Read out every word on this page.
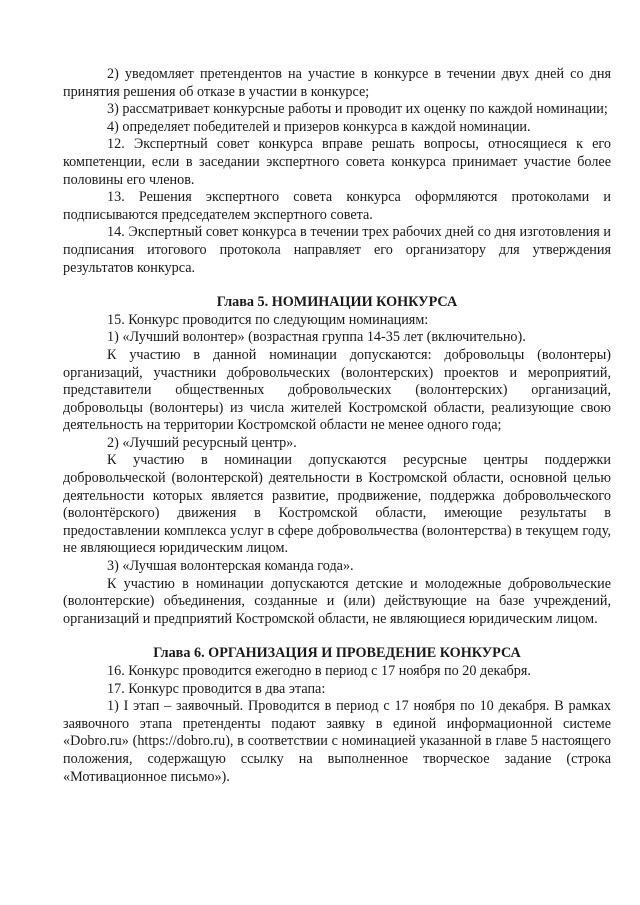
2) уведомляет претендентов на участие в конкурсе в течении двух дней со дня принятия решения об отказе в участии в конкурсе;

3) рассматривает конкурсные работы и проводит их оценку по каждой номинации;

4) определяет победителей и призеров конкурса в каждой номинации.

12. Экспертный совет конкурса вправе решать вопросы, относящиеся к его компетенции, если в заседании экспертного совета конкурса принимает участие более половины его членов.

13. Решения экспертного совета конкурса оформляются протоколами и подписываются председателем экспертного совета.

14. Экспертный совет конкурса в течении трех рабочих дней со дня изготовления и подписания итогового протокола направляет его организатору для утверждения результатов конкурса.

Глава 5. НОМИНАЦИИ КОНКУРСА

15. Конкурс проводится по следующим номинациям:

1) «Лучший волонтер» (возрастная группа 14-35 лет (включительно).

К участию в данной номинации допускаются: добровольцы (волонтеры) организаций, участники добровольческих (волонтерских) проектов и мероприятий, представители общественных добровольческих (волонтерских) организаций, добровольцы (волонтеры) из числа жителей Костромской области, реализующие свою деятельность на территории Костромской области не менее одного года;

2) «Лучший ресурсный центр».

К участию в номинации допускаются ресурсные центры поддержки добровольческой (волонтерской) деятельности в Костромской области, основной целью деятельности которых является развитие, продвижение, поддержка добровольческого (волонтёрского) движения в Костромской области, имеющие результаты в предоставлении комплекса услуг в сфере добровольчества (волонтерства) в текущем году, не являющиеся юридическим лицом.

3) «Лучшая волонтерская команда года».

К участию в номинации допускаются детские и молодежные добровольческие (волонтерские) объединения, созданные и (или) действующие на базе учреждений, организаций и предприятий Костромской области, не являющиеся юридическим лицом.

Глава 6. ОРГАНИЗАЦИЯ И ПРОВЕДЕНИЕ КОНКУРСА

16. Конкурс проводится ежегодно в период с 17 ноября по 20 декабря.

17. Конкурс проводится в два этапа:

1) I этап – заявочный. Проводится в период с 17 ноября по 10 декабря. В рамках заявочного этапа претенденты подают заявку в единой информационной системе «Dobro.ru» (https://dobro.ru), в соответствии с номинацией указанной в главе 5 настоящего положения, содержащую ссылку на выполненное творческое задание (строка «Мотивационное письмо»).
